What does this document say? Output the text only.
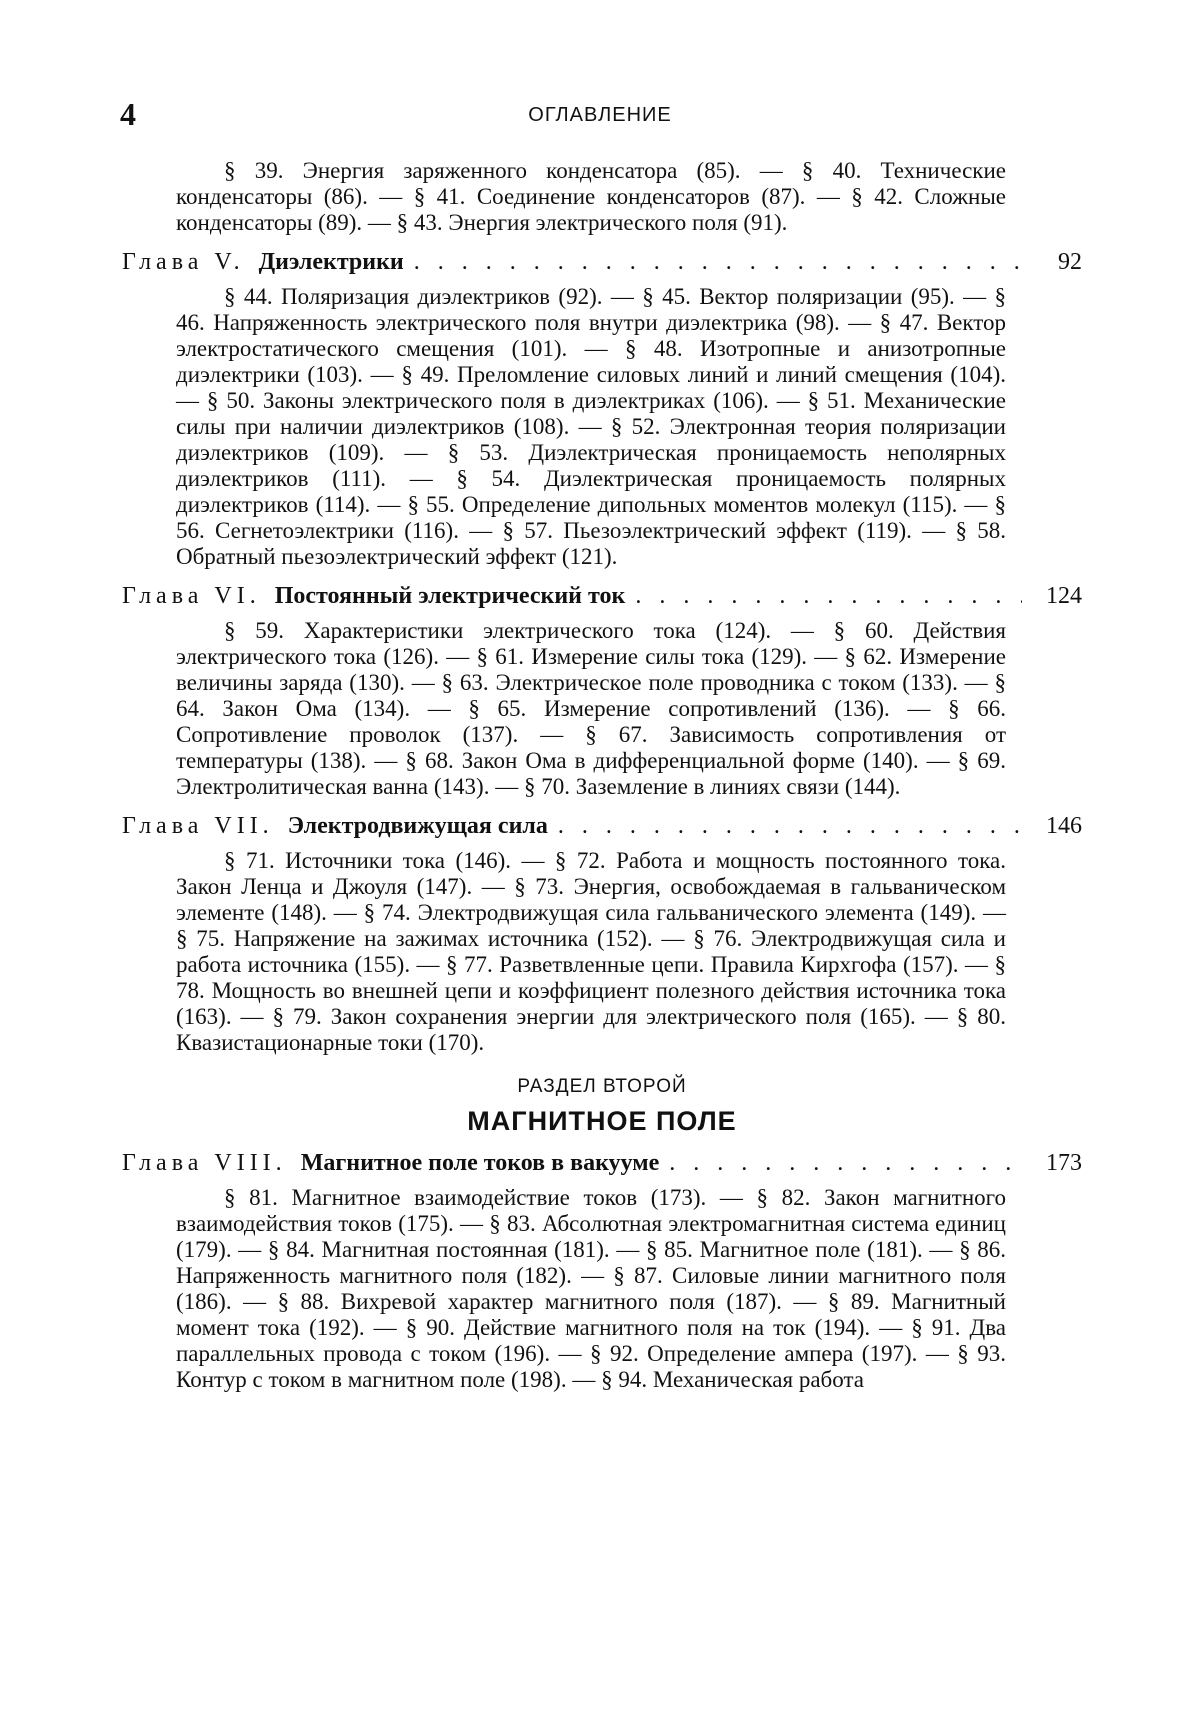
4	ОГЛАВЛЕНИЕ

§ 39. Энергия заряженного конденсатора (85). — § 40. Технические конденсаторы (86). — § 41. Соединение конденсаторов (87). — § 42. Сложные конденсаторы (89). — § 43. Энергия электрического поля (91).

Глава V. Диэлектрики . . .	92

§ 44. Поляризация диэлектриков (92). — § 45. Вектор поляризации (95). — § 46. Напряженность электрического поля внутри диэлектрика (98). — § 47. Вектор электростатического смещения (101). — § 48. Изотропные и анизотропные диэлектрики (103). — § 49. Преломление силовых линий и линий смещения (104). — § 50. Законы электрического поля в диэлектриках (106). — § 51. Механические силы при наличии диэлектриков (108). — § 52. Электронная теория поляризации диэлектриков (109). — § 53. Диэлектрическая проницаемость неполярных диэлектриков (111). — § 54. Диэлектрическая проницаемость полярных диэлектриков (114). — § 55. Определение дипольных моментов молекул (115). — § 56. Сегнетоэлектрики (116). — § 57. Пьезоэлектрический эффект (119). — § 58. Обратный пьезоэлектрический эффект (121).

Глава VI. Постоянный электрический ток . . .	124

§ 59. Характеристики электрического тока (124). — § 60. Действия электрического тока (126). — § 61. Измерение силы тока (129). — § 62. Измерение величины заряда (130). — § 63. Электрическое поле проводника с током (133). — § 64. Закон Ома (134). — § 65. Измерение сопротивлений (136). — § 66. Сопротивление проволок (137). — § 67. Зависимость сопротивления от температуры (138). — § 68. Закон Ома в дифференциальной форме (140). — § 69. Электролитическая ванна (143). — § 70. Заземление в линиях связи (144).

Глава VII. Электродвижущая сила . . .	146

§ 71. Источники тока (146). — § 72. Работа и мощность постоянного тока. Закон Ленца и Джоуля (147). — § 73. Энергия, освобождаемая в гальваническом элементе (148). — § 74. Электродвижущая сила гальванического элемента (149). — § 75. Напряжение на зажимах источника (152). — § 76. Электродвижущая сила и работа источника (155). — § 77. Разветвленные цепи. Правила Кирхгофа (157). — § 78. Мощность во внешней цепи и коэффициент полезного действия источника тока (163). — § 79. Закон сохранения энергии для электрического поля (165). — § 80. Квазистационарные токи (170).

РАЗДЕЛ ВТОРОЙ
МАГНИТНОЕ ПОЛЕ
Глава VIII. Магнитное поле токов в вакууме . . .	173

§ 81. Магнитное взаимодействие токов (173). — § 82. Закон магнитного взаимодействия токов (175). — § 83. Абсолютная электромагнитная система единиц (179). — § 84. Магнитная постоянная (181). — § 85. Магнитное поле (181). — § 86. Напряженность магнитного поля (182). — § 87. Силовые линии магнитного поля (186). — § 88. Вихревой характер магнитного поля (187). — § 89. Магнитный момент тока (192). — § 90. Действие магнитного поля на ток (194). — § 91. Два параллельных провода с током (196). — § 92. Определение ампера (197). — § 93. Контур с током в магнитном поле (198). — § 94. Механическая работа
